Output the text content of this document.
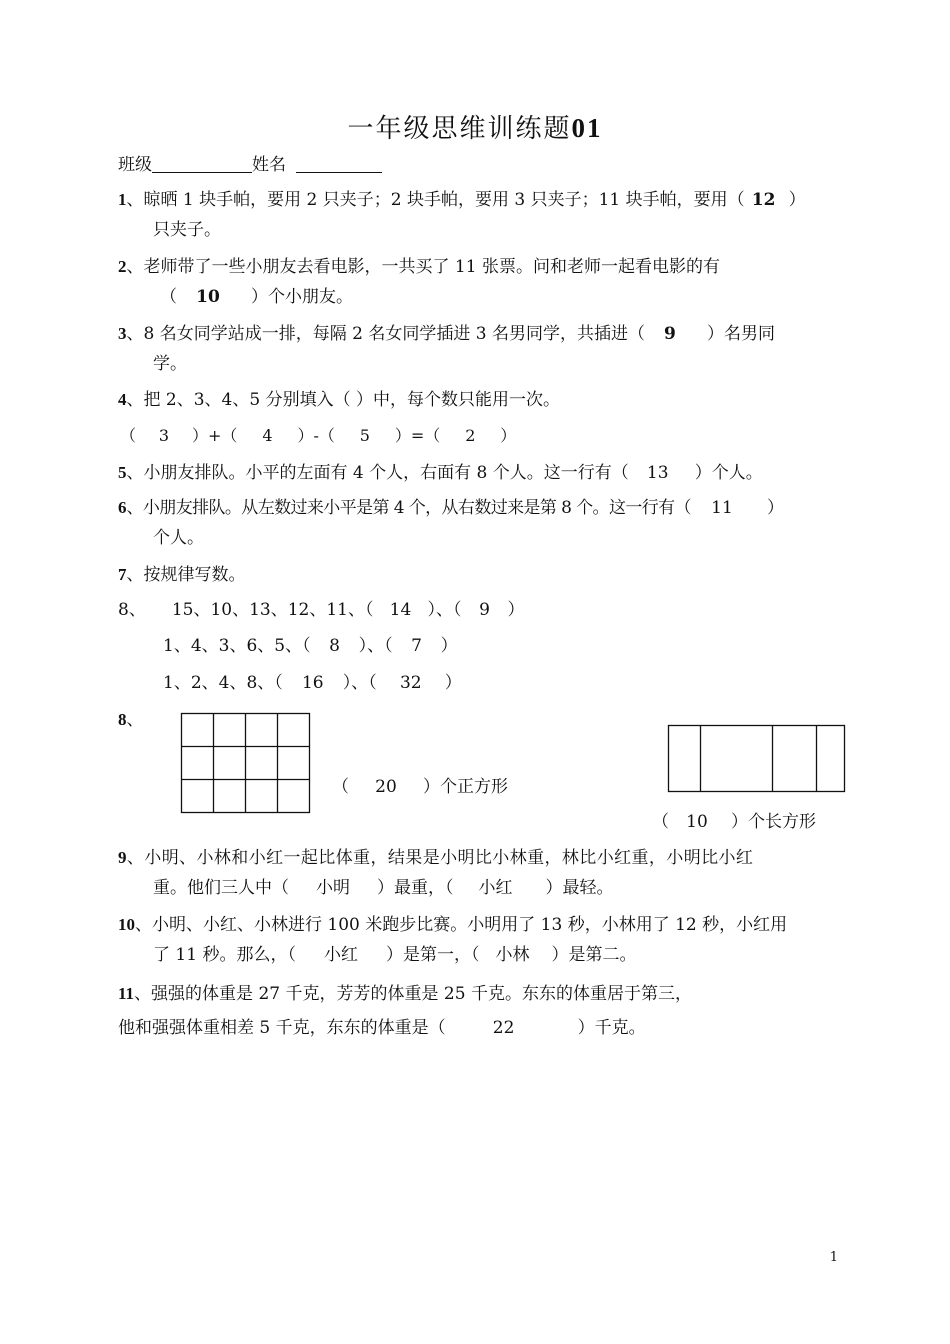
一年级思维训练题01
班级	姓名
1、晾晒 1 块手帕，要用 2 只夹子；2 块手帕，要用 3 只夹子；11 块手帕，要用（ 12 ）
只夹子。
2、老师带了一些小朋友去看电影，一共买了 11 张票。问和老师一起看电影的有
（ 10 ）个小朋友。
3、8 名女同学站成一排，每隔 2 名女同学插进 3 名男同学，共插进（ 9 ）名男同
学。
4、把 2、3、4、5 分别填入（ ）中，每个数只能用一次。
（ 3 ）+（ 4 ）-（ 5 ）=（ 2 ）
5、小朋友排队。小平的左面有 4 个人，右面有 8 个人。这一行有（ 13 ）个人。
6、小朋友排队。从左数过来小平是第 4 个，从右数过来是第 8 个。这一行有（ 11 ）
个人。
7、按规律写数。
8、 15、10、13、12、11、（ 14 ）、（ 9 ）
1、4、3、6、5、（ 8 ）、（ 7 ）
1、2、4、8、（ 16 ）、（ 32 ）
8、
（ 20 ）个正方形
（ 10 ）个长方形
9、小明、小林和小红一起比体重，结果是小明比小林重，林比小红重，小明比小红
重。他们三人中（ 小明 ）最重，（ 小红 ）最轻。
10、小明、小红、小林进行 100 米跑步比赛。小明用了 13 秒，小林用了 12 秒，小红用
了 11 秒。那么，（ 小红 ）是第一，（ 小林 ）是第二。
11、强强的体重是 27 千克，芳芳的体重是 25 千克。东东的体重居于第三，
他和强强体重相差 5 千克，东东的体重是（	22	）千克。
1
